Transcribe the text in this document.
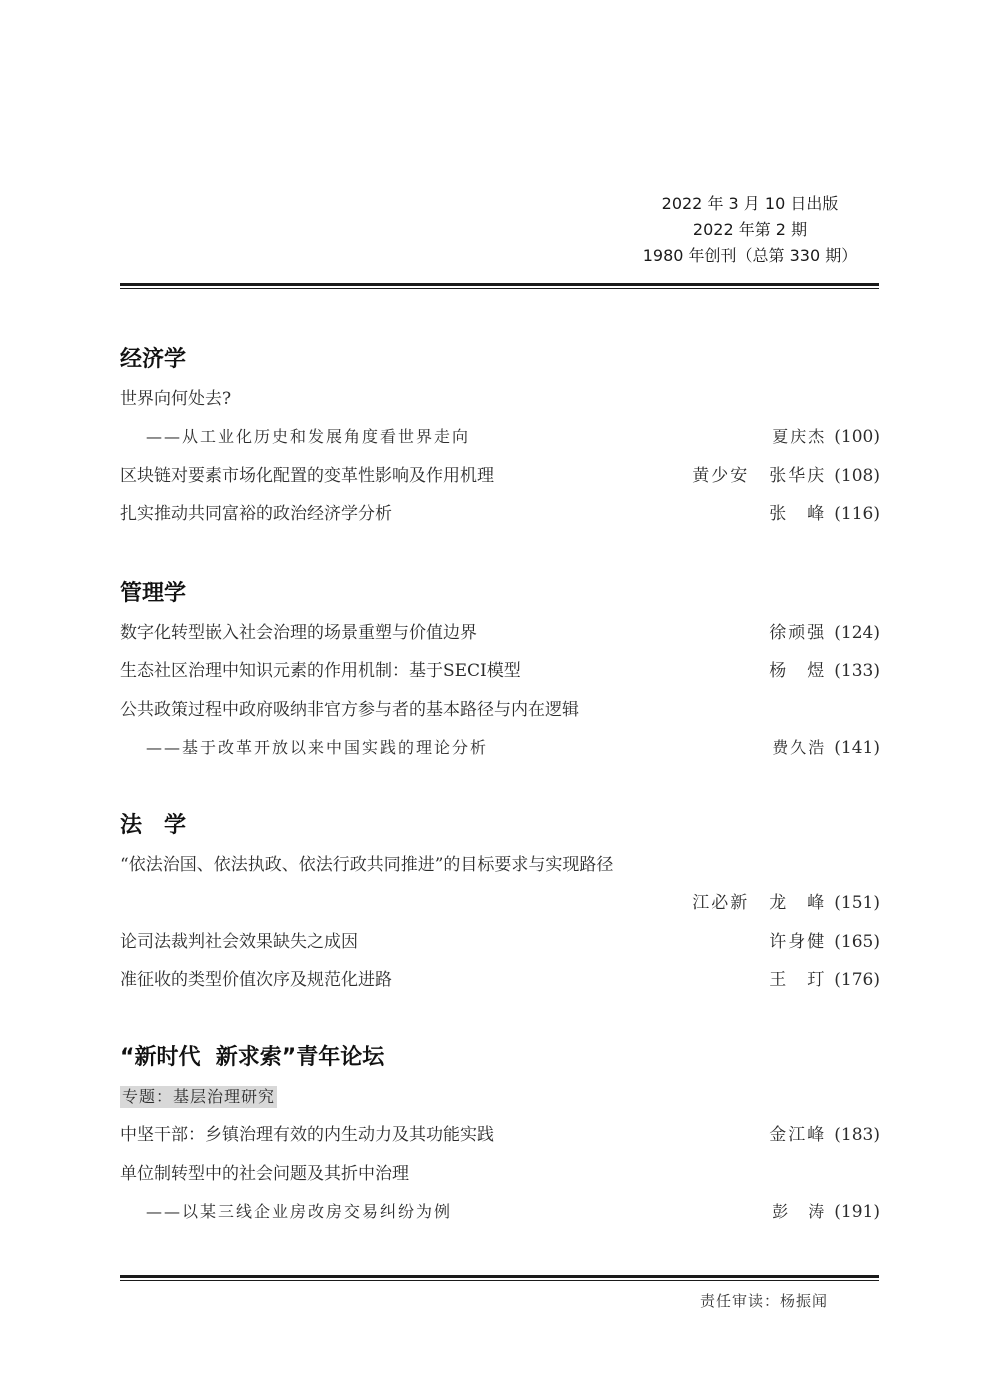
2022 年 3 月 10 日出版
2022 年第 2 期
1980 年创刊（总第 330 期）
经济学
世界向何处去?
——从工业化历史和发展角度看世界走向	夏庆杰 (100)
区块链对要素市场化配置的变革性影响及作用机理	黄少安 张华庆 (108)
扎实推动共同富裕的政治经济学分析	张　峰 (116)
管理学
数字化转型嵌入社会治理的场景重塑与价值边界	徐顽强 (124)
生态社区治理中知识元素的作用机制：基于SECI模型	杨　煜 (133)
公共政策过程中政府吸纳非官方参与者的基本路径与内在逻辑
——基于改革开放以来中国实践的理论分析	费久浩 (141)
法　学
“依法治国、依法执政、依法行政共同推进”的目标要求与实现路径
江必新 龙　峰 (151)
论司法裁判社会效果缺失之成因	许身健 (165)
准征收的类型价值次序及规范化进路	王　玎 (176)
“新时代  新求索”青年论坛
专题：基层治理研究
中坚干部：乡镇治理有效的内生动力及其功能实践	金江峰 (183)
单位制转型中的社会问题及其折中治理
——以某三线企业房改房交易纠纷为例	彭　涛 (191)
责任审读：杨振闻
